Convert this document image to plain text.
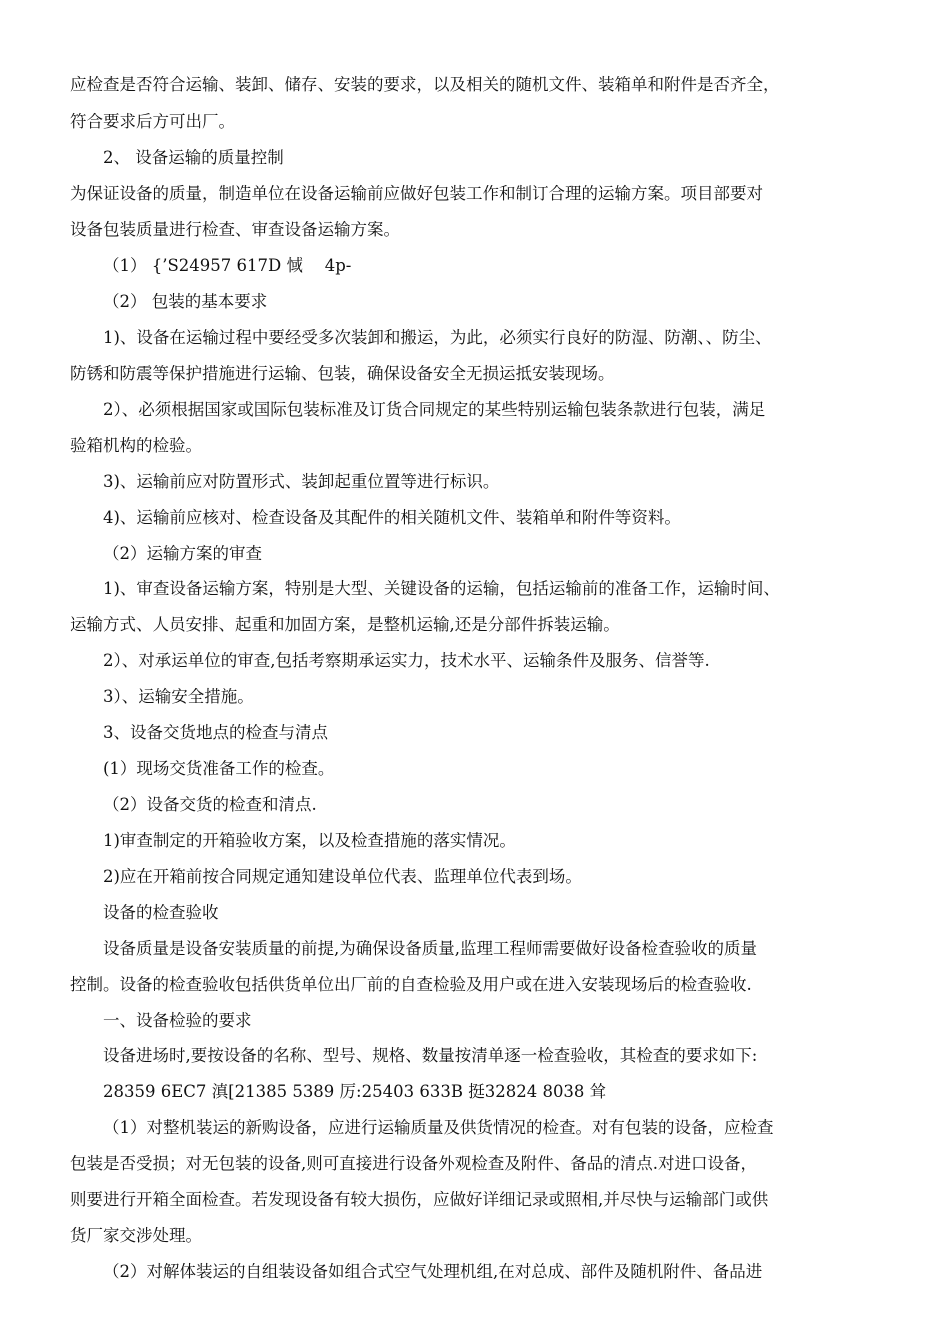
应检查是否符合运输、装卸、储存、安装的要求，以及相关的随机文件、装箱单和附件是否齐全，
符合要求后方可出厂。
2、 设备运输的质量控制
为保证设备的质量，制造单位在设备运输前应做好包装工作和制订合理的运输方案。项目部要对
设备包装质量进行检查、审查设备运输方案。
（1） {’S24957 617D 惐　 4p-
（2） 包装的基本要求
1)、设备在运输过程中要经受多次装卸和搬运，为此，必须实行良好的防湿、防潮、、防尘、
防锈和防震等保护措施进行运输、包装，确保设备安全无损运抵安装现场。
2）、必须根据国家或国际包装标准及订货合同规定的某些特别运输包装条款进行包装，满足
验箱机构的检验。
3)、运输前应对防置形式、装卸起重位置等进行标识。
4)、运输前应核对、检查设备及其配件的相关随机文件、装箱单和附件等资料。
（2）运输方案的审查
1)、审查设备运输方案，特别是大型、关键设备的运输，包括运输前的准备工作，运输时间、
运输方式、人员安排、起重和加固方案，是整机运输,还是分部件拆装运输。
2）、对承运单位的审查,包括考察期承运实力，技术水平、运输条件及服务、信誉等.
3）、运输安全措施。
3、设备交货地点的检查与清点
(1）现场交货准备工作的检查。
（2）设备交货的检查和清点.
1)审查制定的开箱验收方案，以及检查措施的落实情况。
2)应在开箱前按合同规定通知建设单位代表、监理单位代表到场。
设备的检查验收
设备质量是设备安装质量的前提,为确保设备质量,监理工程师需要做好设备检查验收的质量
控制。设备的检查验收包括供货单位出厂前的自查检验及用户或在进入安装现场后的检查验收.
一、设备检验的要求
设备进场时,要按设备的名称、型号、规格、数量按清单逐一检查验收，其检查的要求如下:
28359 6EC7 滇[21385 5389 厉:25403 633B 挺32824 8038 耸
（1）对整机装运的新购设备，应进行运输质量及供货情况的检查。对有包装的设备，应检查
包装是否受损；对无包装的设备,则可直接进行设备外观检查及附件、备品的清点.对进口设备，
则要进行开箱全面检查。若发现设备有较大损伤，应做好详细记录或照相,并尽快与运输部门或供
货厂家交涉处理。
（2）对解体装运的自组装设备如组合式空气处理机组,在对总成、部件及随机附件、备品进
